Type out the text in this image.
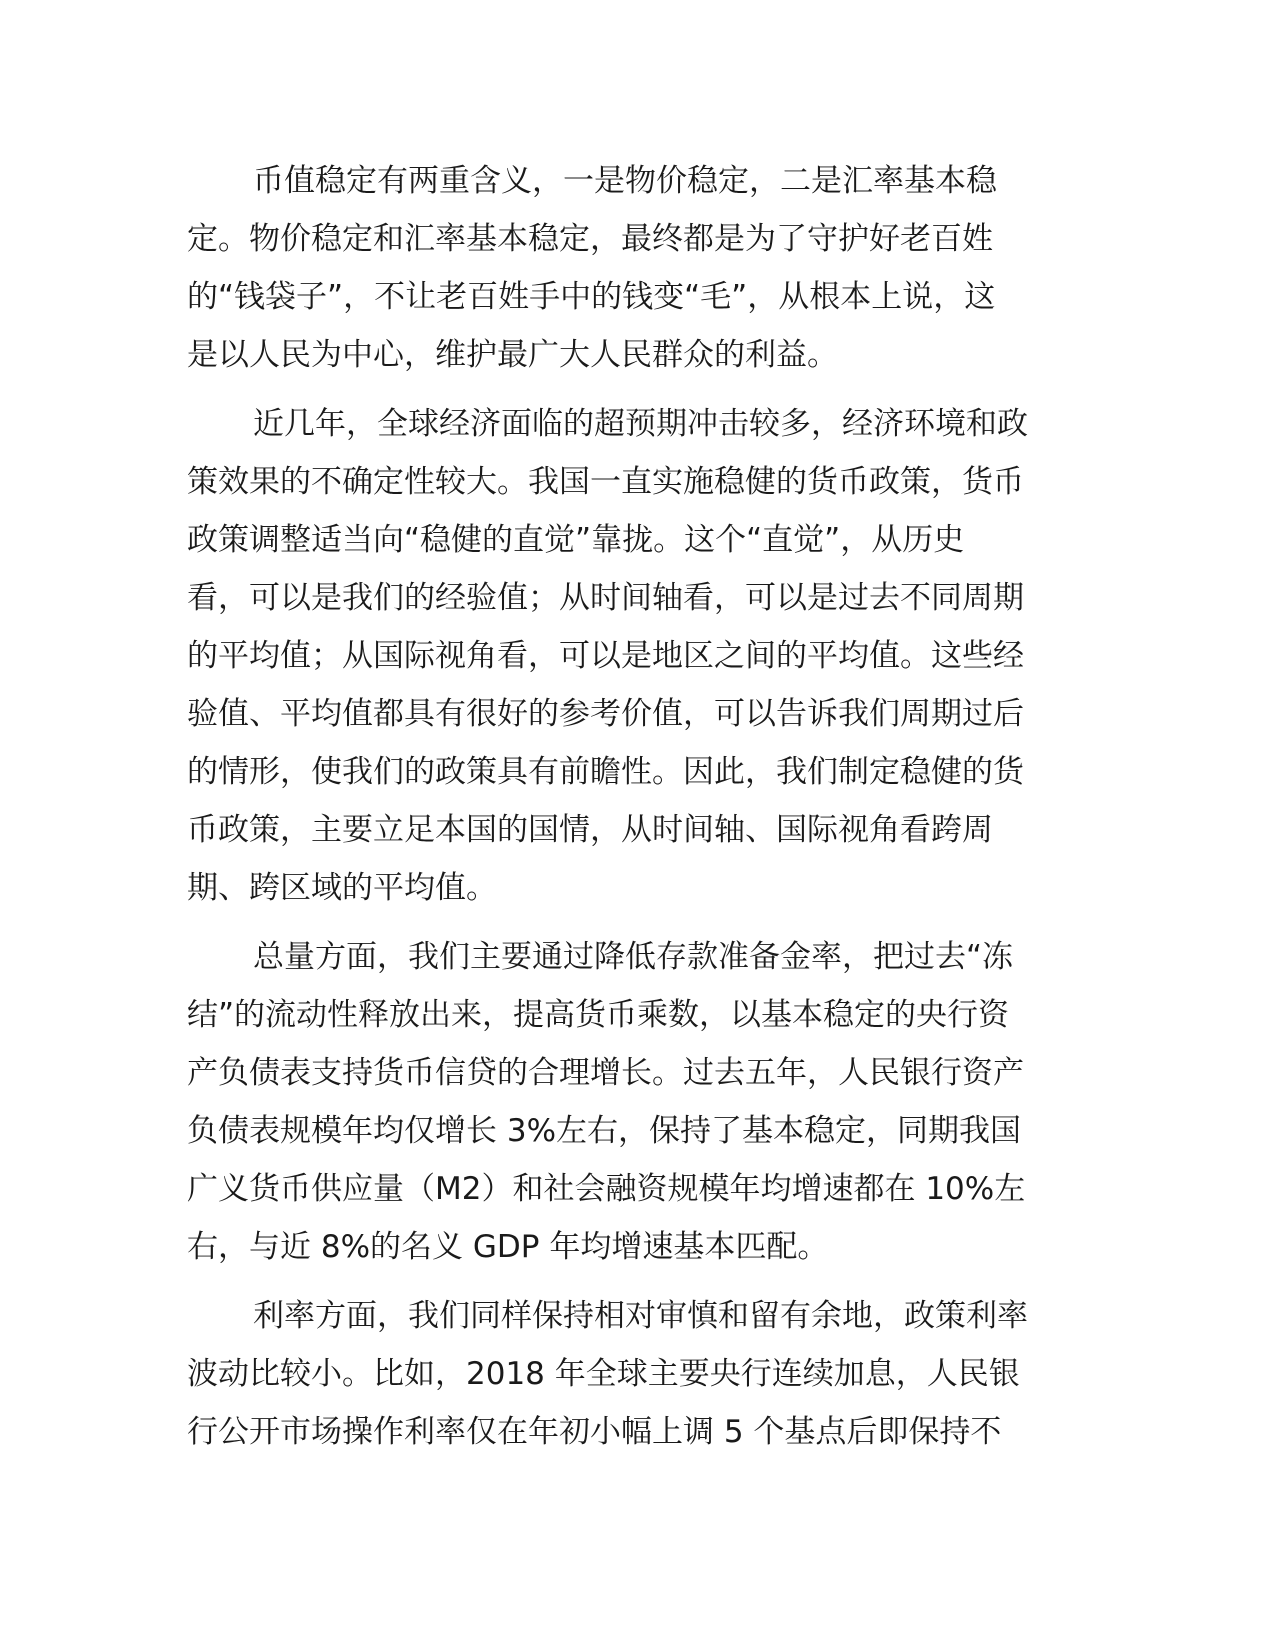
币值稳定有两重含义，一是物价稳定，二是汇率基本稳
定。物价稳定和汇率基本稳定，最终都是为了守护好老百姓
的“钱袋子”，不让老百姓手中的钱变“毛”，从根本上说，这
是以人民为中心，维护最广大人民群众的利益。
近几年，全球经济面临的超预期冲击较多，经济环境和政
策效果的不确定性较大。我国一直实施稳健的货币政策，货币
政策调整适当向“稳健的直觉”靠拢。这个“直觉”，从历史
看，可以是我们的经验值；从时间轴看，可以是过去不同周期
的平均值；从国际视角看，可以是地区之间的平均值。这些经
验值、平均值都具有很好的参考价值，可以告诉我们周期过后
的情形，使我们的政策具有前瞻性。因此，我们制定稳健的货
币政策，主要立足本国的国情，从时间轴、国际视角看跨周
期、跨区域的平均值。
总量方面，我们主要通过降低存款准备金率，把过去“冻
结”的流动性释放出来，提高货币乘数，以基本稳定的央行资
产负债表支持货币信贷的合理增长。过去五年，人民银行资产
负债表规模年均仅增长 3%左右，保持了基本稳定，同期我国
广义货币供应量（M2）和社会融资规模年均增速都在 10%左
右，与近 8%的名义 GDP 年均增速基本匹配。
利率方面，我们同样保持相对审慎和留有余地，政策利率
波动比较小。比如，2018 年全球主要央行连续加息，人民银
行公开市场操作利率仅在年初小幅上调 5 个基点后即保持不
